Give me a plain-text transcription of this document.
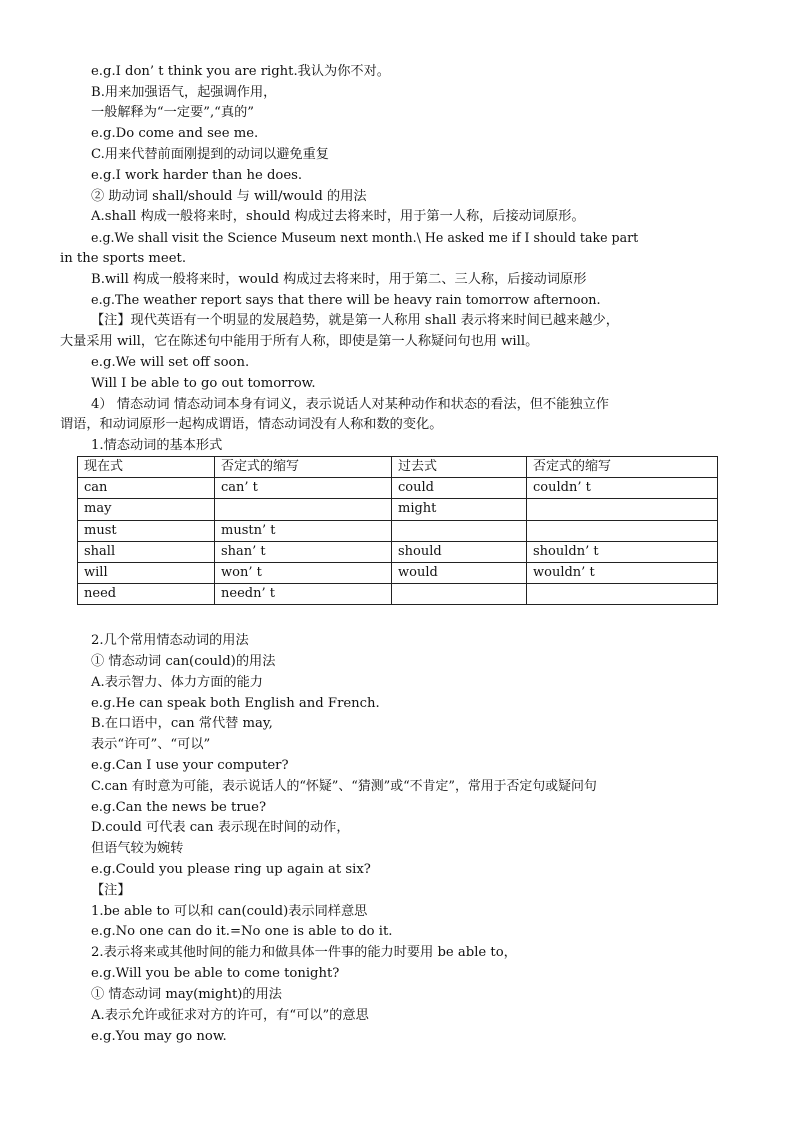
e.g.I don’ t think you are right.我认为你不对。
B.用来加强语气，起强调作用，
一般解释为“一定要”,“真的”
e.g.Do come and see me.
C.用来代替前面刚提到的动词以避免重复
e.g.I work harder than he does.
② 助动词 shall/should 与 will/would 的用法
A.shall 构成一般将来时，should 构成过去将来时，用于第一人称，后接动词原形。
e.g.We shall visit the Science Museum next month.\ He asked me if I should take part
in the sports meet.
B.will 构成一般将来时，would 构成过去将来时，用于第二、三人称，后接动词原形
e.g.The weather report says that there will be heavy rain tomorrow afternoon.
【注】现代英语有一个明显的发展趋势，就是第一人称用 shall 表示将来时间已越来越少，
大量采用 will，它在陈述句中能用于所有人称，即使是第一人称疑问句也用 will。
e.g.We will set off soon.
Will I be able to go out tomorrow.
4） 情态动词 情态动词本身有词义，表示说话人对某种动作和状态的看法，但不能独立作
谓语，和动词原形一起构成谓语，情态动词没有人称和数的变化。
1.情态动词的基本形式
现在式	否定式的缩写	过去式	否定式的缩写
can	can’ t	could	couldn’ t
may		might	
must	mustn’ t		
shall	shan’ t	should	shouldn’ t
will	won’ t	would	wouldn’ t
need	needn’ t		
2.几个常用情态动词的用法
① 情态动词 can(could)的用法
A.表示智力、体力方面的能力
e.g.He can speak both English and French.
B.在口语中，can 常代替 may,
表示“许可”、“可以”
e.g.Can I use your computer?
C.can 有时意为可能，表示说话人的“怀疑”、“猜测”或“不肯定”，常用于否定句或疑问句
e.g.Can the news be true?
D.could 可代表 can 表示现在时间的动作，
但语气较为婉转
e.g.Could you please ring up again at six?
【注】
1.be able to 可以和 can(could)表示同样意思
e.g.No one can do it.=No one is able to do it.
2.表示将来或其他时间的能力和做具体一件事的能力时要用 be able to，
e.g.Will you be able to come tonight?
① 情态动词 may(might)的用法
A.表示允许或征求对方的许可，有“可以”的意思
e.g.You may go now.
